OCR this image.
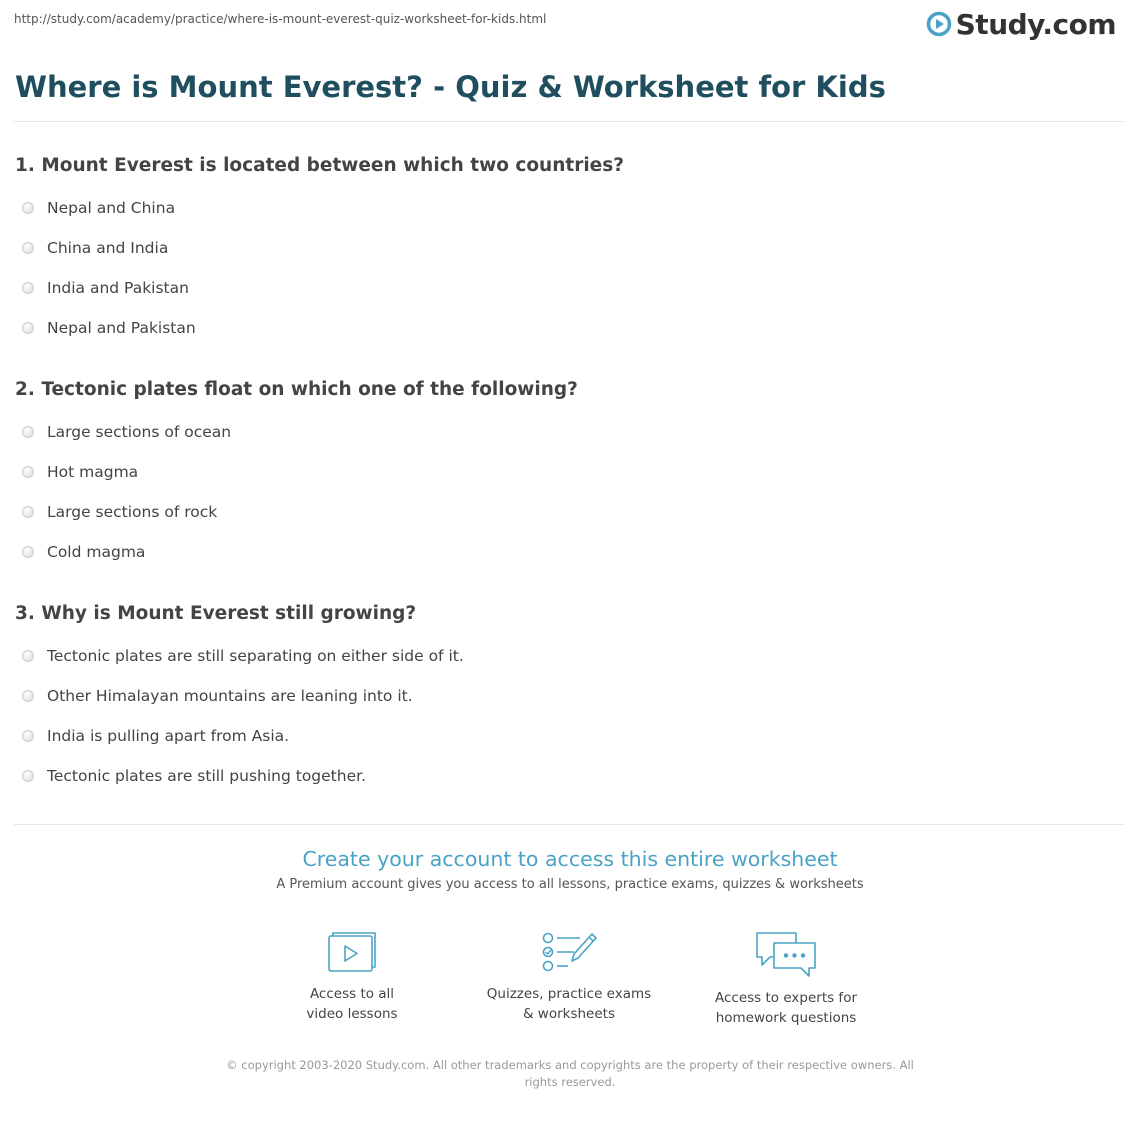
http://study.com/academy/practice/where-is-mount-everest-quiz-worksheet-for-kids.html	Study.com
Where is Mount Everest? - Quiz & Worksheet for Kids
1. Mount Everest is located between which two countries?
Nepal and China
China and India
India and Pakistan
Nepal and Pakistan
2. Tectonic plates float on which one of the following?
Large sections of ocean
Hot magma
Large sections of rock
Cold magma
3. Why is Mount Everest still growing?
Tectonic plates are still separating on either side of it.
Other Himalayan mountains are leaning into it.
India is pulling apart from Asia.
Tectonic plates are still pushing together.
Create your account to access this entire worksheet
A Premium account gives you access to all lessons, practice exams, quizzes & worksheets
Access to all
video lessons
Quizzes, practice exams
& worksheets
Access to experts for
homework questions
© copyright 2003-2020 Study.com. All other trademarks and copyrights are the property of their respective owners. All rights reserved.
